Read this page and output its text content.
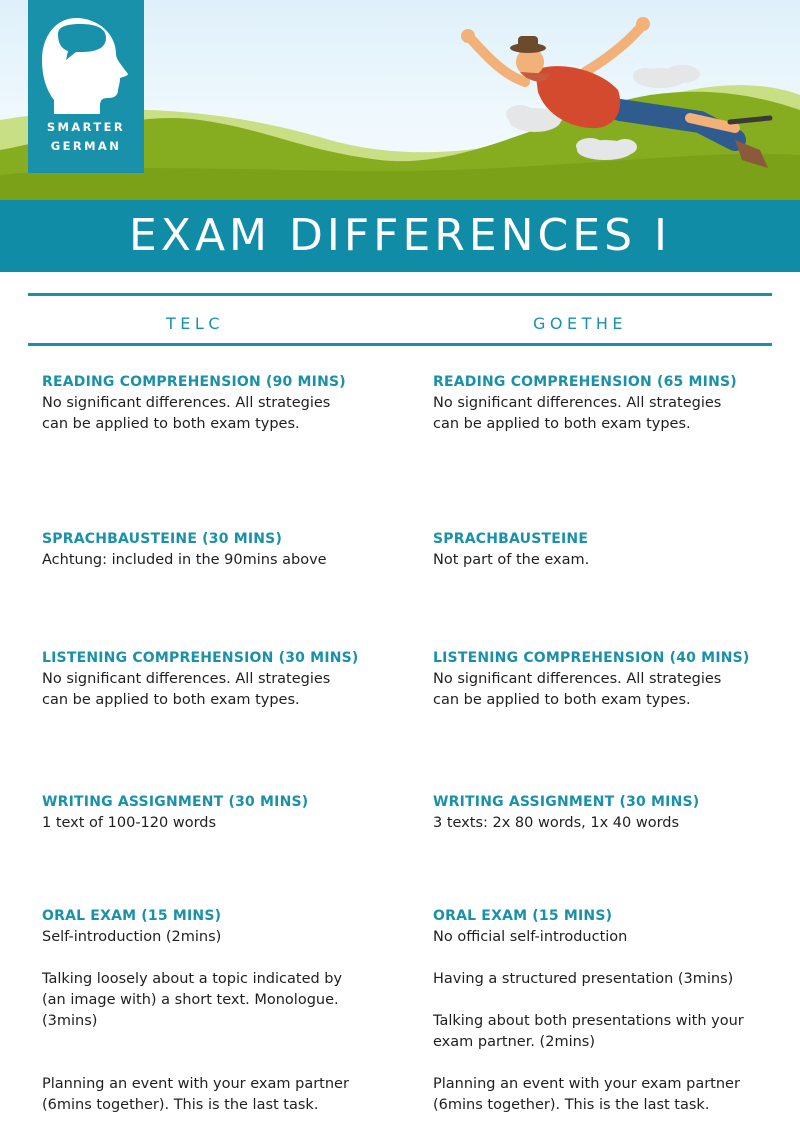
SMARTER
GERMAN
EXAM DIFFERENCES I
TELC	GOETHE
READING COMPREHENSION (90 MINS)

No significant differences. All strategies
can be applied to both exam types.

SPRACHBAUSTEINE (30 MINS)

Achtung: included in the 90mins above

LISTENING COMPREHENSION (30 MINS)

No significant differences. All strategies
can be applied to both exam types.

WRITING ASSIGNMENT (30 MINS)

1 text of 100-120 words

ORAL EXAM (15 MINS)

Self-introduction (2mins)

Talking loosely about a topic indicated by
(an image with) a short text. Monologue.
(3mins)

Planning an event with your exam partner
(6mins together). This is the last task.

READING COMPREHENSION (65 MINS)

No significant differences. All strategies
can be applied to both exam types.

SPRACHBAUSTEINE

Not part of the exam.

LISTENING COMPREHENSION (40 MINS)

No significant differences. All strategies
can be applied to both exam types.

WRITING ASSIGNMENT (30 MINS)

3 texts: 2x 80 words, 1x 40 words

ORAL EXAM (15 MINS)

No official self-introduction

Having a structured presentation (3mins)

Talking about both presentations with your
exam partner. (2mins)

Planning an event with your exam partner
(6mins together). This is the last task.
